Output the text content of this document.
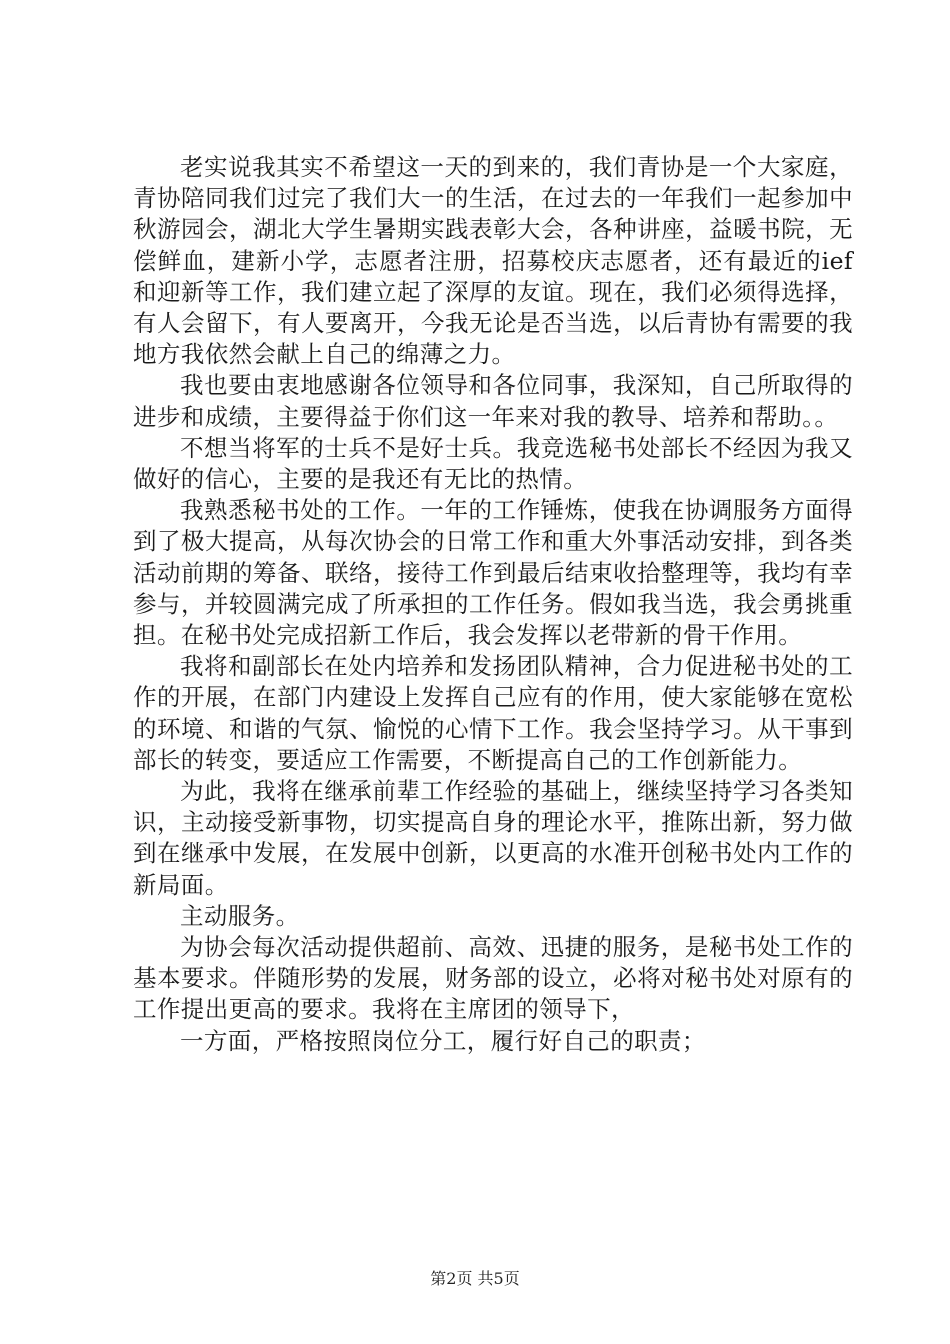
老实说我其实不希望这一天的到来的，我们青协是一个大家庭，青协陪同我们过完了我们大一的生活，在过去的一年我们一起参加中秋游园会，湖北大学生暑期实践表彰大会，各种讲座，益暖书院，无偿鲜血，建新小学，志愿者注册，招募校庆志愿者，还有最近的ief和迎新等工作，我们建立起了深厚的友谊。现在，我们必须得选择，有人会留下，有人要离开，今我无论是否当选，以后青协有需要的我地方我依然会献上自己的绵薄之力。

我也要由衷地感谢各位领导和各位同事，我深知，自己所取得的进步和成绩，主要得益于你们这一年来对我的教导、培养和帮助。。

不想当将军的士兵不是好士兵。我竞选秘书处部长不经因为我又做好的信心，主要的是我还有无比的热情。

我熟悉秘书处的工作。一年的工作锤炼，使我在协调服务方面得到了极大提高，从每次协会的日常工作和重大外事活动安排，到各类活动前期的筹备、联络，接待工作到最后结束收拾整理等，我均有幸参与，并较圆满完成了所承担的工作任务。假如我当选，我会勇挑重担。在秘书处完成招新工作后，我会发挥以老带新的骨干作用。

我将和副部长在处内培养和发扬团队精神，合力促进秘书处的工作的开展，在部门内建设上发挥自己应有的作用，使大家能够在宽松的环境、和谐的气氛、愉悦的心情下工作。我会坚持学习。从干事到部长的转变，要适应工作需要，不断提高自己的工作创新能力。

为此，我将在继承前辈工作经验的基础上，继续坚持学习各类知识，主动接受新事物，切实提高自身的理论水平，推陈出新，努力做到在继承中发展，在发展中创新，以更高的水准开创秘书处内工作的新局面。

主动服务。

为协会每次活动提供超前、高效、迅捷的服务，是秘书处工作的基本要求。伴随形势的发展，财务部的设立，必将对秘书处对原有的工作提出更高的要求。我将在主席团的领导下，

一方面，严格按照岗位分工，履行好自己的职责；

第2页 共5页
